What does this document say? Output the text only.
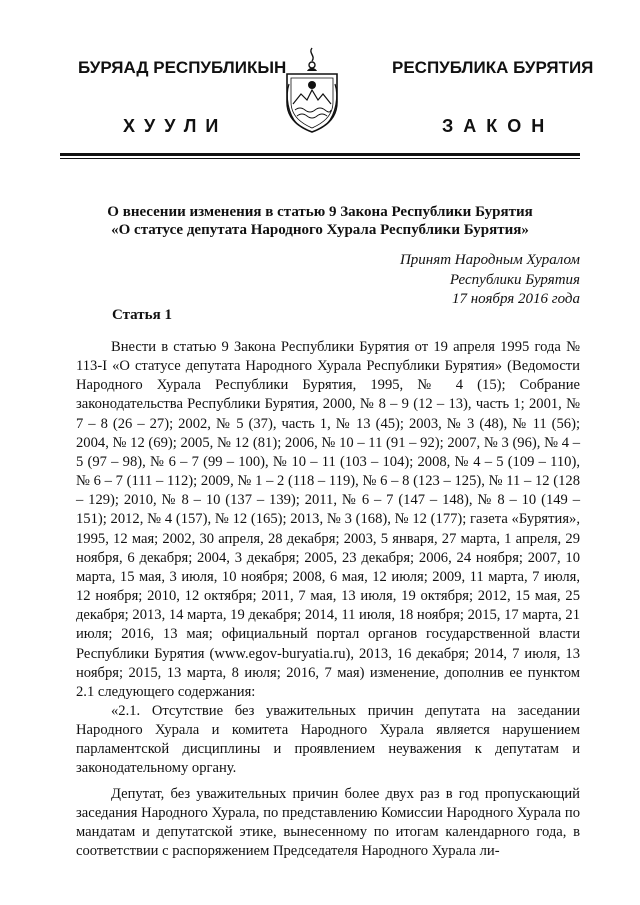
БУРЯАД РЕСПУБЛИКЫН	РЕСПУБЛИКА БУРЯТИЯ
ХУУЛИ	ЗАКОН
О внесении изменения в статью 9 Закона Республики Бурятия
«О статусе депутата Народного Хурала Республики Бурятия»
Принят Народным Хуралом
Республики Бурятия
17 ноября 2016 года
Статья 1

Внести в статью 9 Закона Республики Бурятия от 19 апреля 1995 года № 113-I «О статусе депутата Народного Хурала Республики Бурятия» (Ведомости Народного Хурала Республики Бурятия, 1995, № 4 (15); Собрание законодательства Республики Бурятия, 2000, № 8 – 9 (12 – 13), часть 1; 2001, № 7 – 8 (26 – 27); 2002, № 5 (37), часть 1, № 13 (45); 2003, № 3 (48), № 11 (56); 2004, № 12 (69); 2005, № 12 (81); 2006, № 10 – 11 (91 – 92); 2007, № 3 (96), № 4 – 5 (97 – 98), № 6 – 7 (99 – 100), № 10 – 11 (103 – 104); 2008, № 4 – 5 (109 – 110), № 6 – 7 (111 – 112); 2009, № 1 – 2 (118 – 119), № 6 – 8 (123 – 125), № 11 – 12 (128 – 129); 2010, № 8 – 10 (137 – 139); 2011, № 6 – 7 (147 – 148), № 8 – 10 (149 – 151); 2012, № 4 (157), № 12 (165); 2013, № 3 (168), № 12 (177); газета «Бурятия», 1995, 12 мая; 2002, 30 апреля, 28 декабря; 2003, 5 января, 27 марта, 1 апреля, 29 ноября, 6 декабря; 2004, 3 декабря; 2005, 23 декабря; 2006, 24 ноября; 2007, 10 марта, 15 мая, 3 июля, 10 ноября; 2008, 6 мая, 12 июля; 2009, 11 марта, 7 июля, 12 ноября; 2010, 12 октября; 2011, 7 мая, 13 июля, 19 октября; 2012, 15 мая, 25 декабря; 2013, 14 марта, 19 декабря; 2014, 11 июля, 18 ноября; 2015, 17 марта, 21 июля; 2016, 13 мая; официальный портал органов государственной власти Республики Бурятия (www.egov-buryatia.ru), 2013, 16 декабря; 2014, 7 июля, 13 ноября; 2015, 13 марта, 8 июля; 2016, 7 мая) изменение, дополнив ее пунктом 2.1 следующего содержания:

«2.1. Отсутствие без уважительных причин депутата на заседании Народного Хурала и комитета Народного Хурала является нарушением парламентской дисциплины и проявлением неуважения к депутатам и законодательному органу.

Депутат, без уважительных причин более двух раз в год пропускающий заседания Народного Хурала, по представлению Комиссии Народного Хурала по мандатам и депутатской этике, вынесенному по итогам календарного года, в соответствии с распоряжением Председателя Народного Хурала ли-
